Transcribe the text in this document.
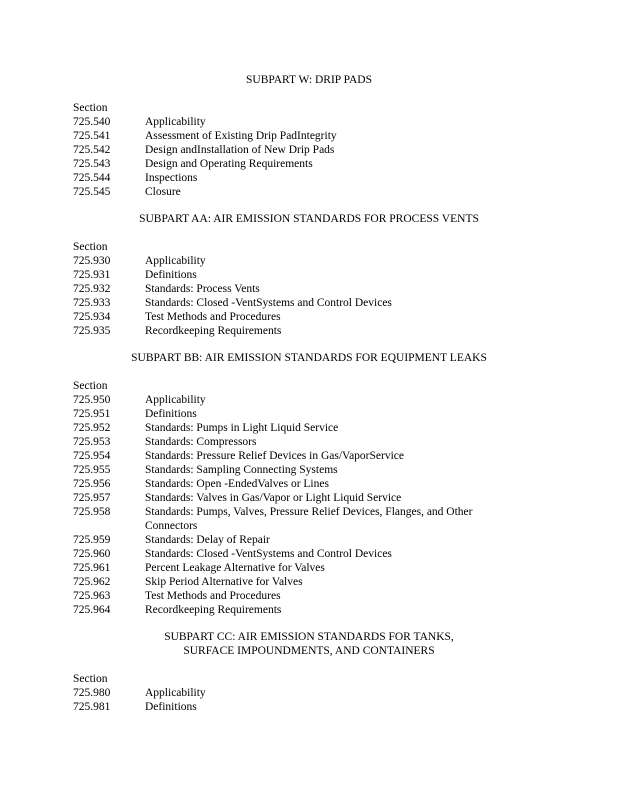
SUBPART W: DRIP PADS
Section
725.540	Applicability
725.541	Assessment of Existing Drip PadIntegrity
725.542	Design andInstallation of New Drip Pads
725.543	Design and Operating Requirements
725.544	Inspections
725.545	Closure
SUBPART AA: AIR EMISSION STANDARDS FOR PROCESS VENTS
Section
725.930	Applicability
725.931	Definitions
725.932	Standards: Process Vents
725.933	Standards: Closed -VentSystems and Control Devices
725.934	Test Methods and Procedures
725.935	Recordkeeping Requirements
SUBPART BB: AIR EMISSION STANDARDS FOR EQUIPMENT LEAKS
Section
725.950	Applicability
725.951	Definitions
725.952	Standards: Pumps in Light Liquid Service
725.953	Standards: Compressors
725.954	Standards: Pressure Relief Devices in Gas/VaporService
725.955	Standards: Sampling Connecting Systems
725.956	Standards: Open -EndedValves or Lines
725.957	Standards: Valves in Gas/Vapor or Light Liquid Service
725.958	Standards: Pumps, Valves, Pressure Relief Devices, Flanges, and Other Connectors
725.959	Standards: Delay of Repair
725.960	Standards: Closed -VentSystems and Control Devices
725.961	Percent Leakage Alternative for Valves
725.962	Skip Period Alternative for Valves
725.963	Test Methods and Procedures
725.964	Recordkeeping Requirements
SUBPART CC: AIR EMISSION STANDARDS FOR TANKS,
SURFACE IMPOUNDMENTS, AND CONTAINERS
Section
725.980	Applicability
725.981	Definitions
